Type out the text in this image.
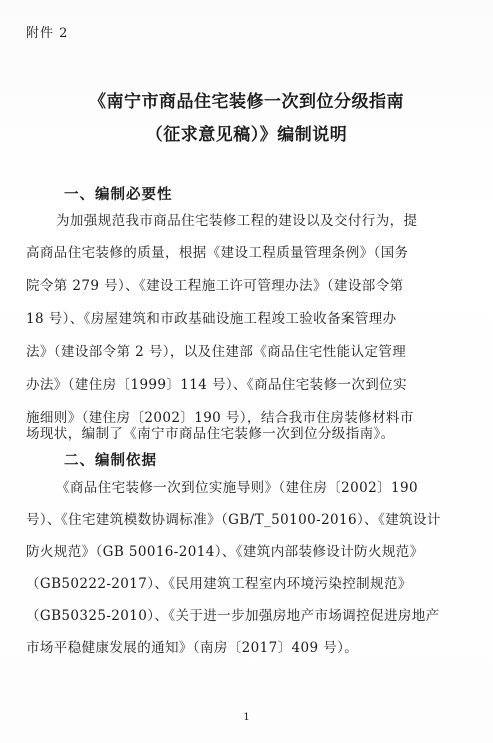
附件 2
《南宁市商品住宅装修一次到位分级指南
（征求意见稿）》编制说明
一、编制必要性
为加强规范我市商品住宅装修工程的建设以及交付行为，提
高商品住宅装修的质量，根据《建设工程质量管理条例》（国务
院令第 279 号）、《建设工程施工许可管理办法》（建设部令第
18 号）、《房屋建筑和市政基础设施工程竣工验收备案管理办
法》（建设部令第 2 号），以及住建部《商品住宅性能认定管理
办法》（建住房〔1999〕114 号）、《商品住宅装修一次到位实
施细则》（建住房〔2002〕190 号），结合我市住房装修材料市
场现状，编制了《南宁市商品住宅装修一次到位分级指南》。
二、编制依据
《商品住宅装修一次到位实施导则》（建住房〔2002〕190
号）、《住宅建筑模数协调标准》（GB/T_50100-2016）、《建筑设计
防火规范》（GB 50016-2014）、《建筑内部装修设计防火规范》
（GB50222-2017）、《民用建筑工程室内环境污染控制规范》
（GB50325-2010）、《关于进一步加强房地产市场调控促进房地产
市场平稳健康发展的通知》（南房〔2017〕409 号）。
1
